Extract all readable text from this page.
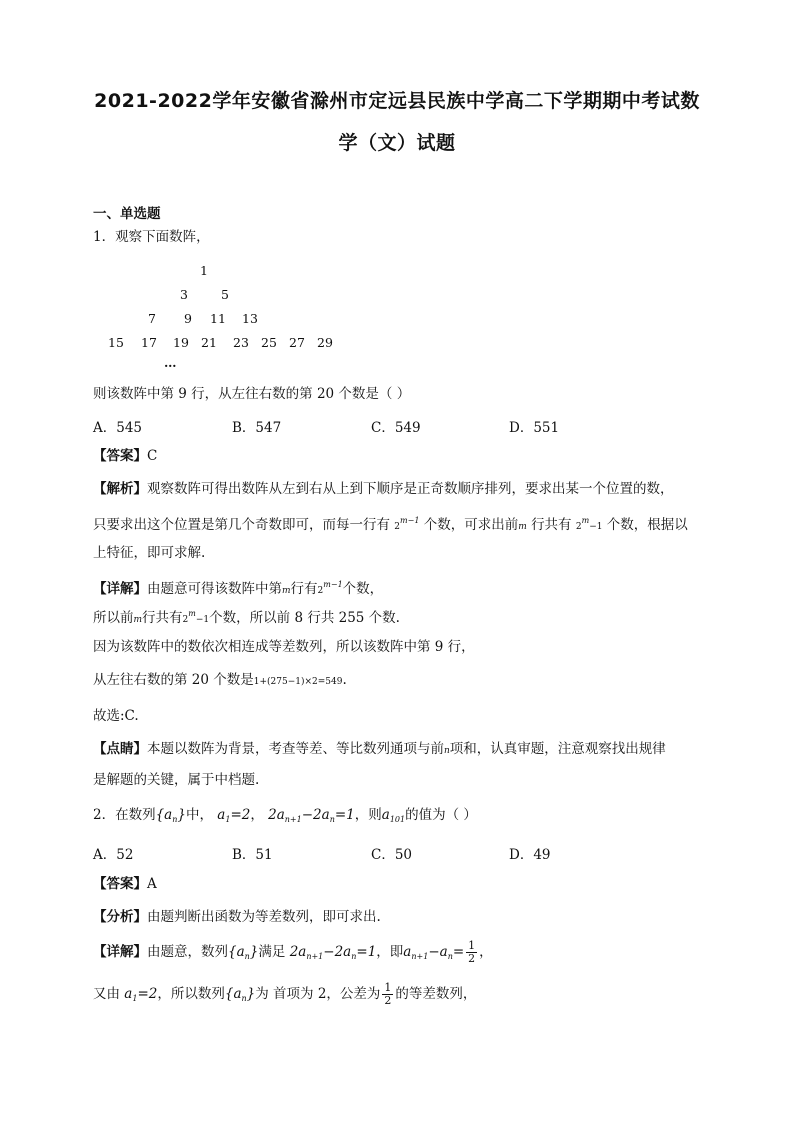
2021-2022学年安徽省滁州市定远县民族中学高二下学期期中考试数
学（文）试题
一、单选题
1．观察下面数阵，
1
3	5
7 9 11 13
15 17 19 21 23 25 27 29
…
则该数阵中第 9 行，从左往右数的第 20 个数是（ ）
A．545	B．547	C．549	D．551
【答案】C
【解析】观察数阵可得出数阵从左到右从上到下顺序是正奇数顺序排列，要求出某一个位置的数，
只要求出这个位置是第几个奇数即可，而每一行有 $2^{m-1}$ 个数，可求出前m 行共有 $2^m-1$ 个数，根据以
上特征，即可求解.
【详解】由题意可得该数阵中第m行有$2^{m-1}$个数，
所以前m行共有$2^m-1$个数，所以前 8 行共 255 个数.
因为该数阵中的数依次相连成等差数列，所以该数阵中第 9 行，
从左往右数的第 20 个数是1+(275−1)×2=549.
故选:C.
【点睛】本题以数阵为背景，考查等差、等比数列通项与前n项和，认真审题，注意观察找出规律
是解题的关键，属于中档题.
2．在数列$\{a_n\}$中， $a_1=2$， $2a_{n+1}-2a_n=1$，则$a_{101}$的值为（ ）
A．52	B．51	C．50	D．49
【答案】A
【分析】由题判断出函数为等差数列，即可求出.
【详解】由题意，数列$\{a_n\}$满足 $2a_{n+1}-2a_n=1$，即$a_{n+1}-a_n= \frac{1}{2}$ ，
又由 $a_1=2$，所以数列$\{a_n\}$为 首项为 2，公差为 $\frac{1}{2}$ 的等差数列，
